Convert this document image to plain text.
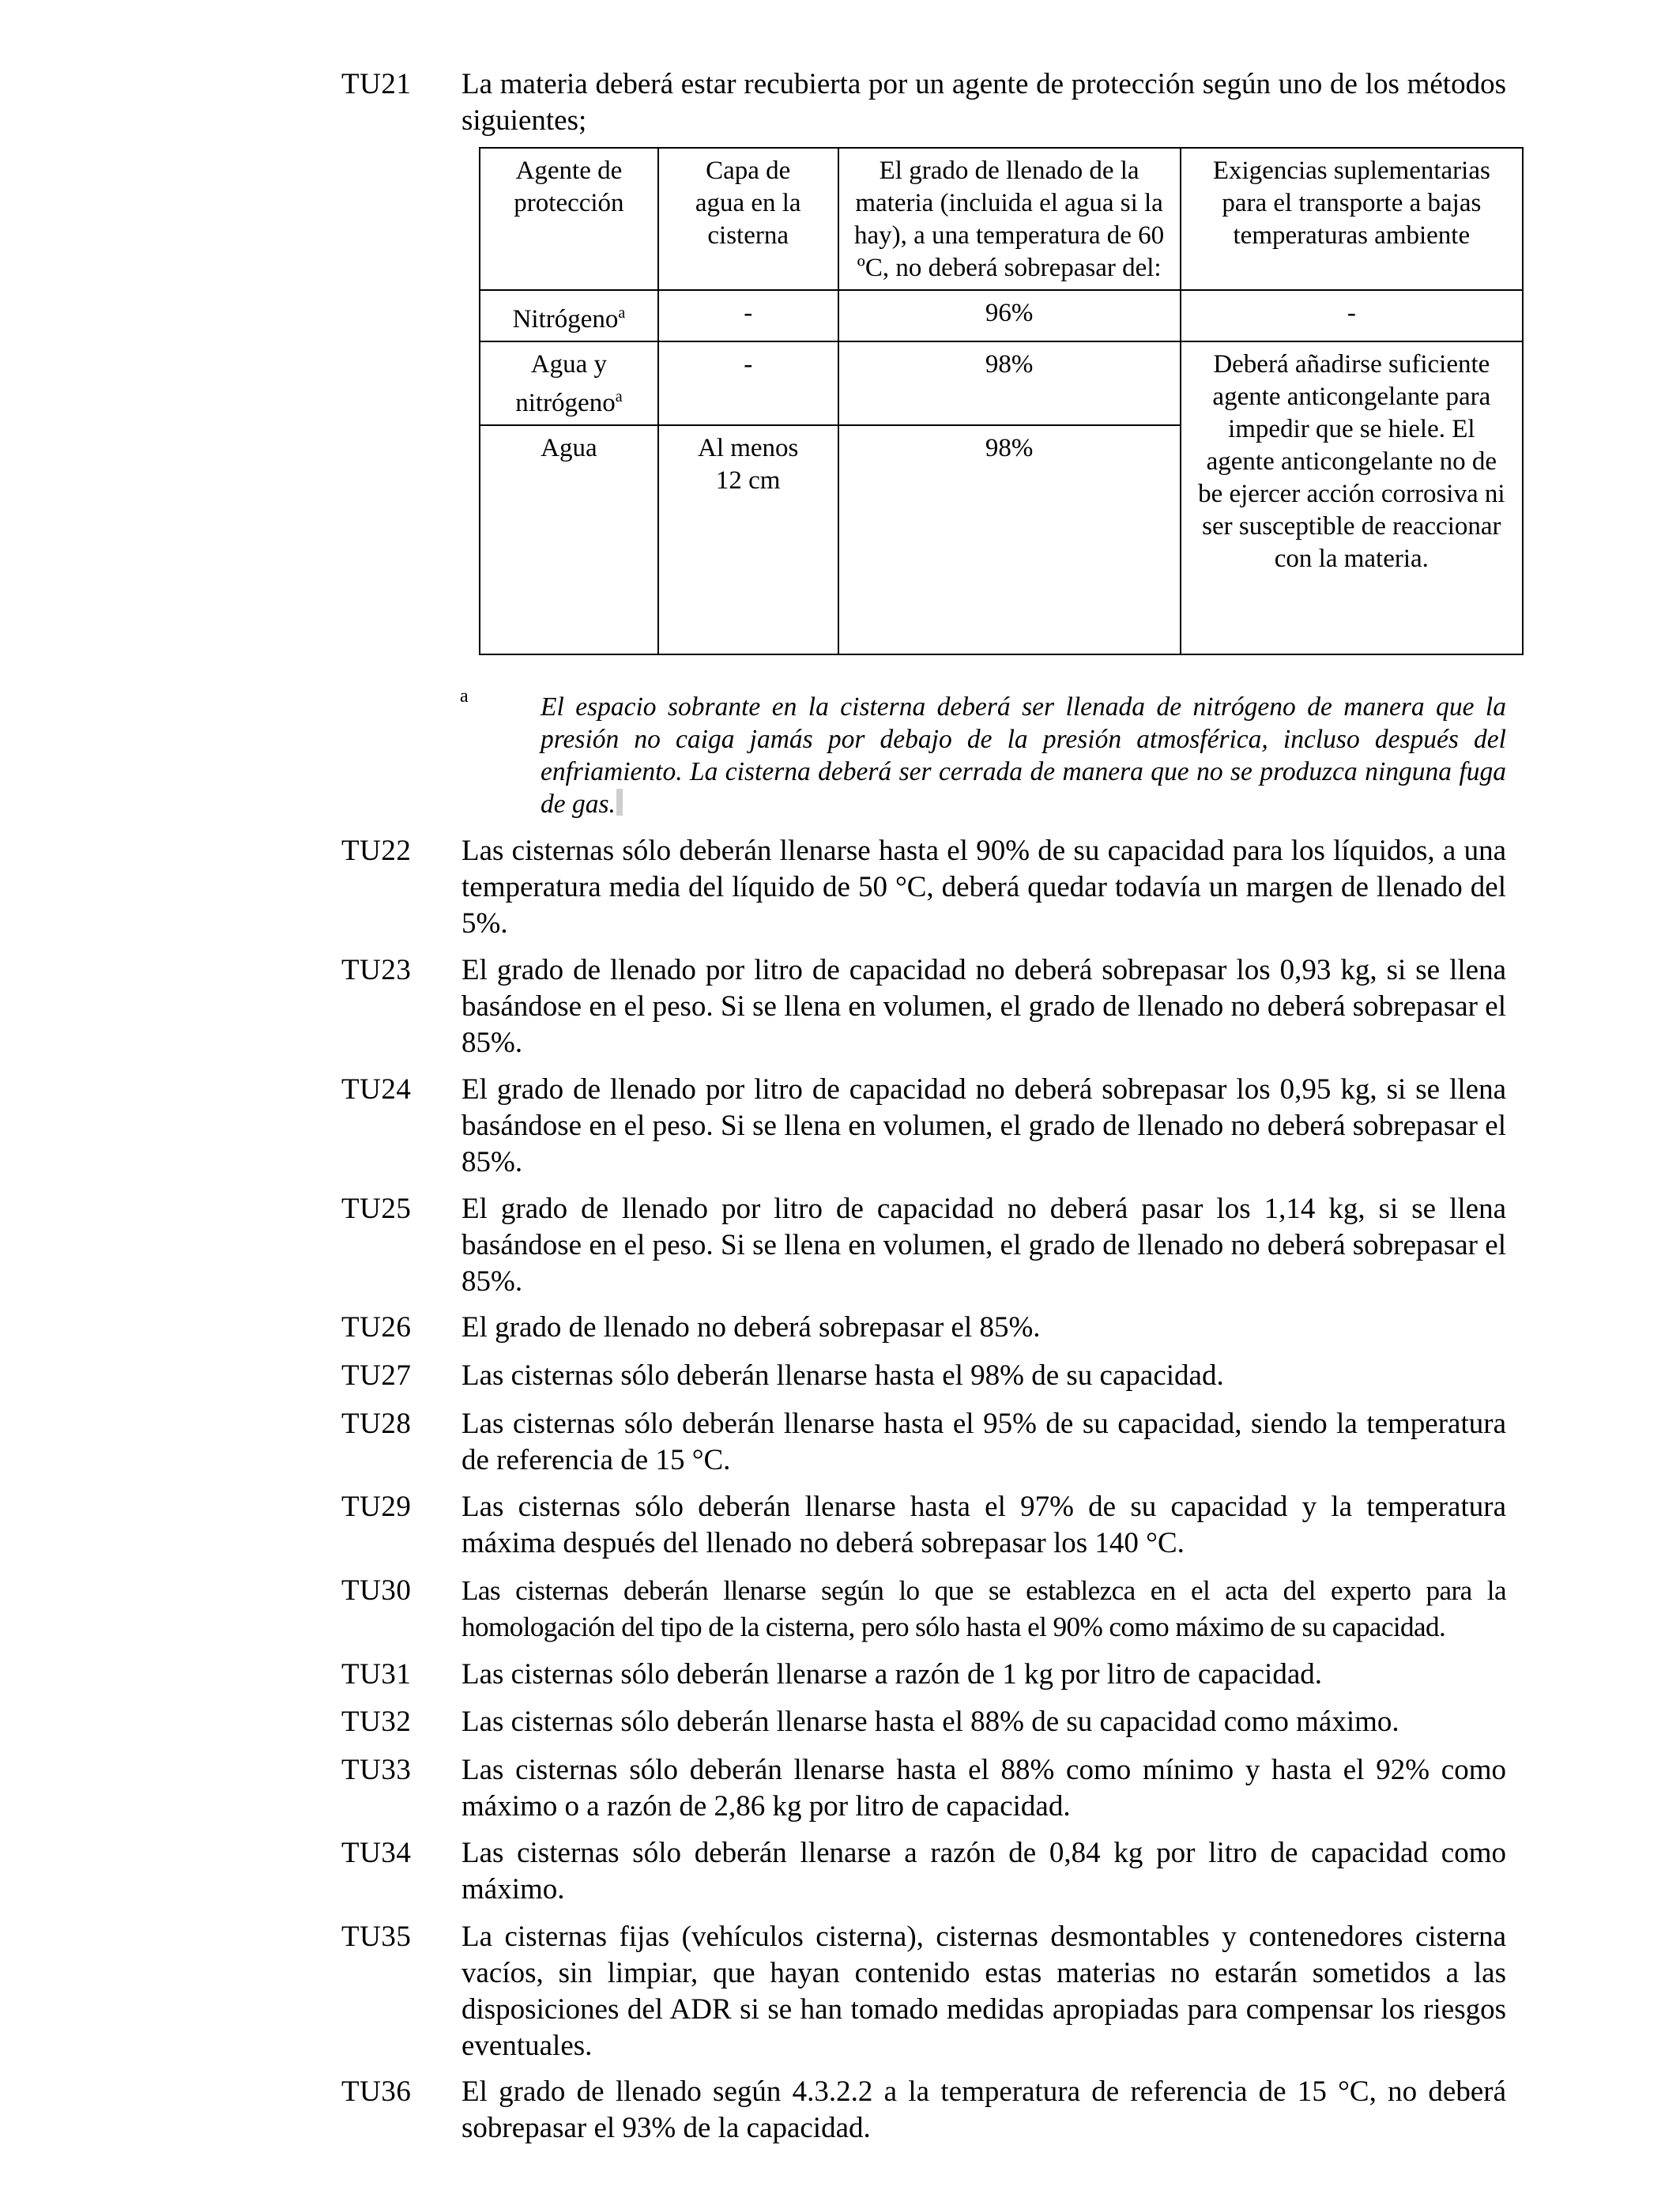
TU21 La materia deberá estar recubierta por un agente de protección según uno de los métodos siguientes;
Agente de protección	Capa de agua en la cisterna	El grado de llenado de la materia (incluida el agua si la hay), a una temperatura de 60 ºC, no deberá sobrepasar del:	Exigencias suplementarias para el transporte a bajas temperaturas ambiente
Nitrógeno$^a$	-	96%	-
Agua y nitrógeno$^a$	-	98%	Deberá añadirse suficiente agente anticongelante para impedir que se hiele. El agente anticongelante no de be ejercer acción corrosiva ni ser susceptible de reaccionar con la materia.
Agua	Al menos 12 cm	98%	
a	El espacio sobrante en la cisterna deberá ser llenada de nitrógeno de manera que la presión no caiga jamás por debajo de la presión atmosférica, incluso después del enfriamiento. La cisterna deberá ser cerrada de manera que no se produzca ninguna fuga de gas.
TU22 Las cisternas sólo deberán llenarse hasta el 90% de su capacidad para los líquidos, a una temperatura media del líquido de 50 °C, deberá quedar todavía un margen de llenado del 5%.
TU23 El grado de llenado por litro de capacidad no deberá sobrepasar los 0,93 kg, si se llena basándose en el peso. Si se llena en volumen, el grado de llenado no deberá sobrepasar el 85%.
TU24 El grado de llenado por litro de capacidad no deberá sobrepasar los 0,95 kg, si se llena basándose en el peso. Si se llena en volumen, el grado de llenado no deberá sobrepasar el 85%.
TU25 El grado de llenado por litro de capacidad no deberá pasar los 1,14 kg, si se llena basándose en el peso. Si se llena en volumen, el grado de llenado no deberá sobrepasar el 85%.
TU26 El grado de llenado no deberá sobrepasar el 85%.
TU27 Las cisternas sólo deberán llenarse hasta el 98% de su capacidad.
TU28 Las cisternas sólo deberán llenarse hasta el 95% de su capacidad, siendo la temperatura de referencia de 15 °C.
TU29 Las cisternas sólo deberán llenarse hasta el 97% de su capacidad y la temperatura máxima después del llenado no deberá sobrepasar los 140 °C.
TU30 Las cisternas deberán llenarse según lo que se establezca en el acta del experto para la homologación del tipo de la cisterna, pero sólo hasta el 90% como máximo de su capacidad.
TU31 Las cisternas sólo deberán llenarse a razón de 1 kg por litro de capacidad.
TU32 Las cisternas sólo deberán llenarse hasta el 88% de su capacidad como máximo.
TU33 Las cisternas sólo deberán llenarse hasta el 88% como mínimo y hasta el 92% como máximo o a razón de 2,86 kg por litro de capacidad.
TU34 Las cisternas sólo deberán llenarse a razón de 0,84 kg por litro de capacidad como máximo.
TU35 La cisternas fijas (vehículos cisterna), cisternas desmontables y contenedores cisterna vacíos, sin limpiar, que hayan contenido estas materias no estarán sometidos a las disposiciones del ADR si se han tomado medidas apropiadas para compensar los riesgos eventuales.
TU36 El grado de llenado según 4.3.2.2 a la temperatura de referencia de 15 °C, no deberá sobrepasar el 93% de la capacidad.
